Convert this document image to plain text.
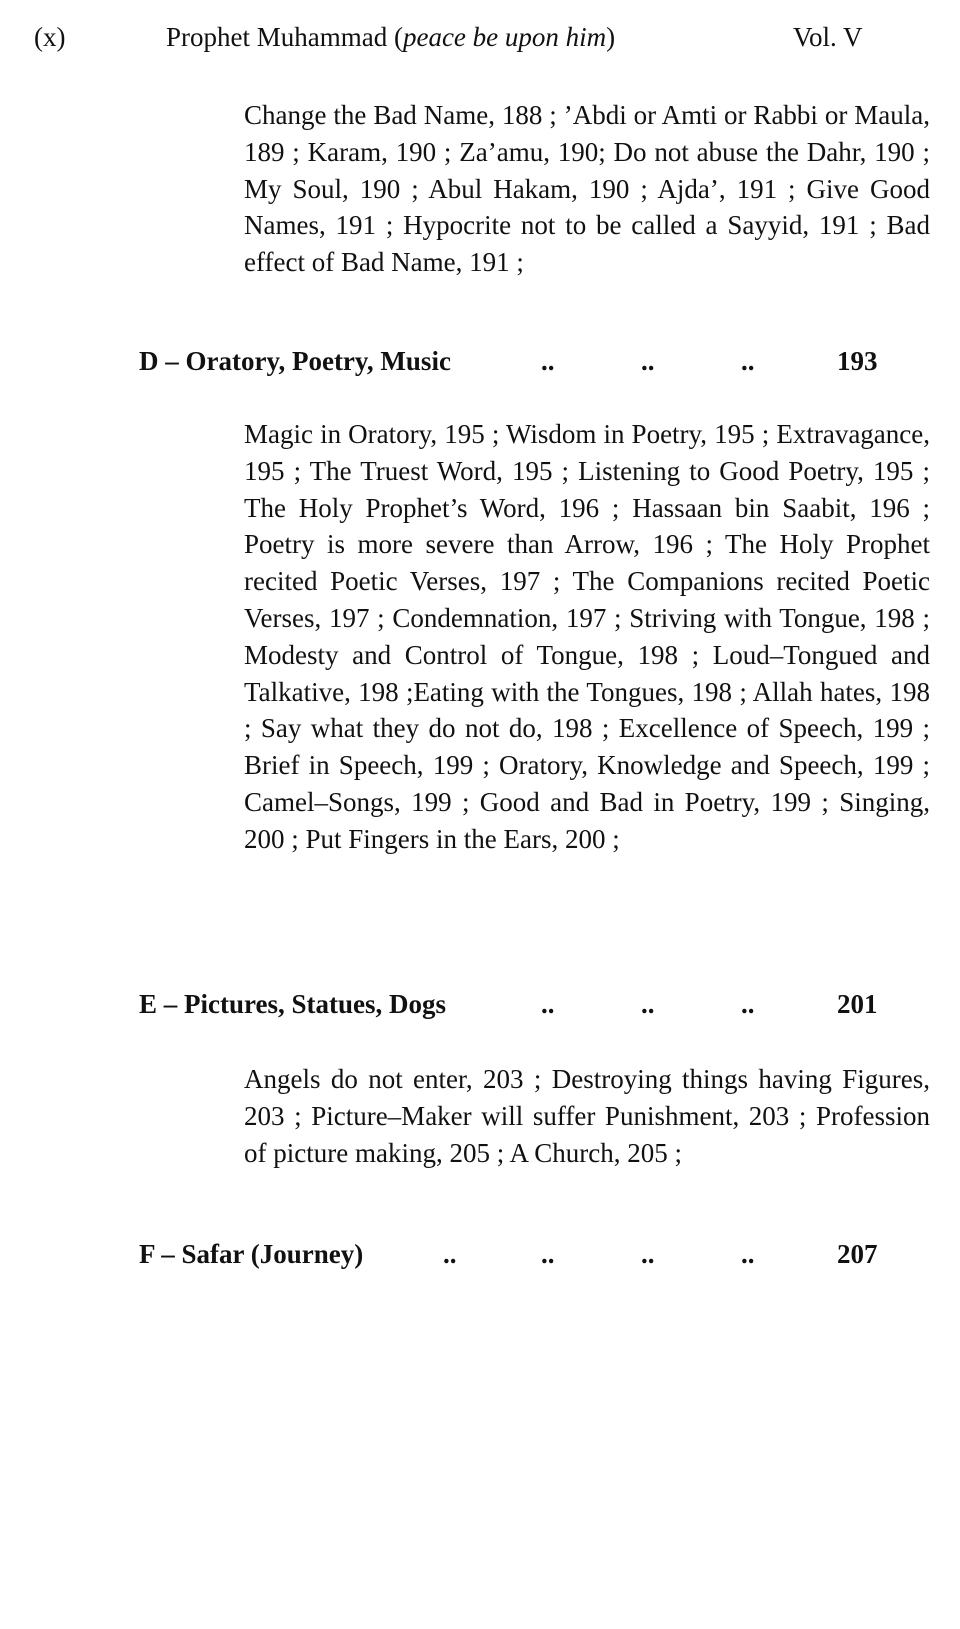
(x)	Prophet Muhammad (peace be upon him)	Vol. V
Change the Bad Name, 188 ; ’Abdi or Amti or Rabbi or Maula, 189 ; Karam, 190 ; Za’amu, 190; Do not abuse the Dahr, 190 ; My Soul, 190 ; Abul Hakam, 190 ; Ajda’, 191 ; Give Good Names, 191 ; Hypocrite not to be called a Sayyid, 191 ; Bad effect of Bad Name, 191 ;
D – Oratory, Poetry, Music	..	..	..	193
Magic in Oratory, 195 ; Wisdom in Poetry, 195 ; Extravagance, 195 ; The Truest Word, 195 ; Listening to Good Poetry, 195 ; The Holy Prophet’s Word, 196 ; Hassaan bin Saabit, 196 ; Poetry is more severe than Arrow, 196 ; The Holy Prophet recited Poetic Verses, 197 ; The Companions recited Poetic Verses, 197 ; Condemnation, 197 ; Striving with Tongue, 198 ; Modesty and Control of Tongue, 198 ; Loud–Tongued and Talkative, 198 ;Eating with the Tongues, 198 ; Allah hates, 198 ; Say what they do not do, 198 ; Excellence of Speech, 199 ; Brief in Speech, 199 ; Oratory, Knowledge and Speech, 199 ; Camel–Songs, 199 ; Good and Bad in Poetry, 199 ; Singing, 200 ; Put Fingers in the Ears, 200 ;
E – Pictures, Statues, Dogs	..	..	..	201
Angels do not enter, 203 ; Destroying things having Figures, 203 ; Picture–Maker will suffer Punishment, 203 ; Profession of picture making, 205 ; A Church, 205 ;
F – Safar (Journey)	..	..	..	..	207
